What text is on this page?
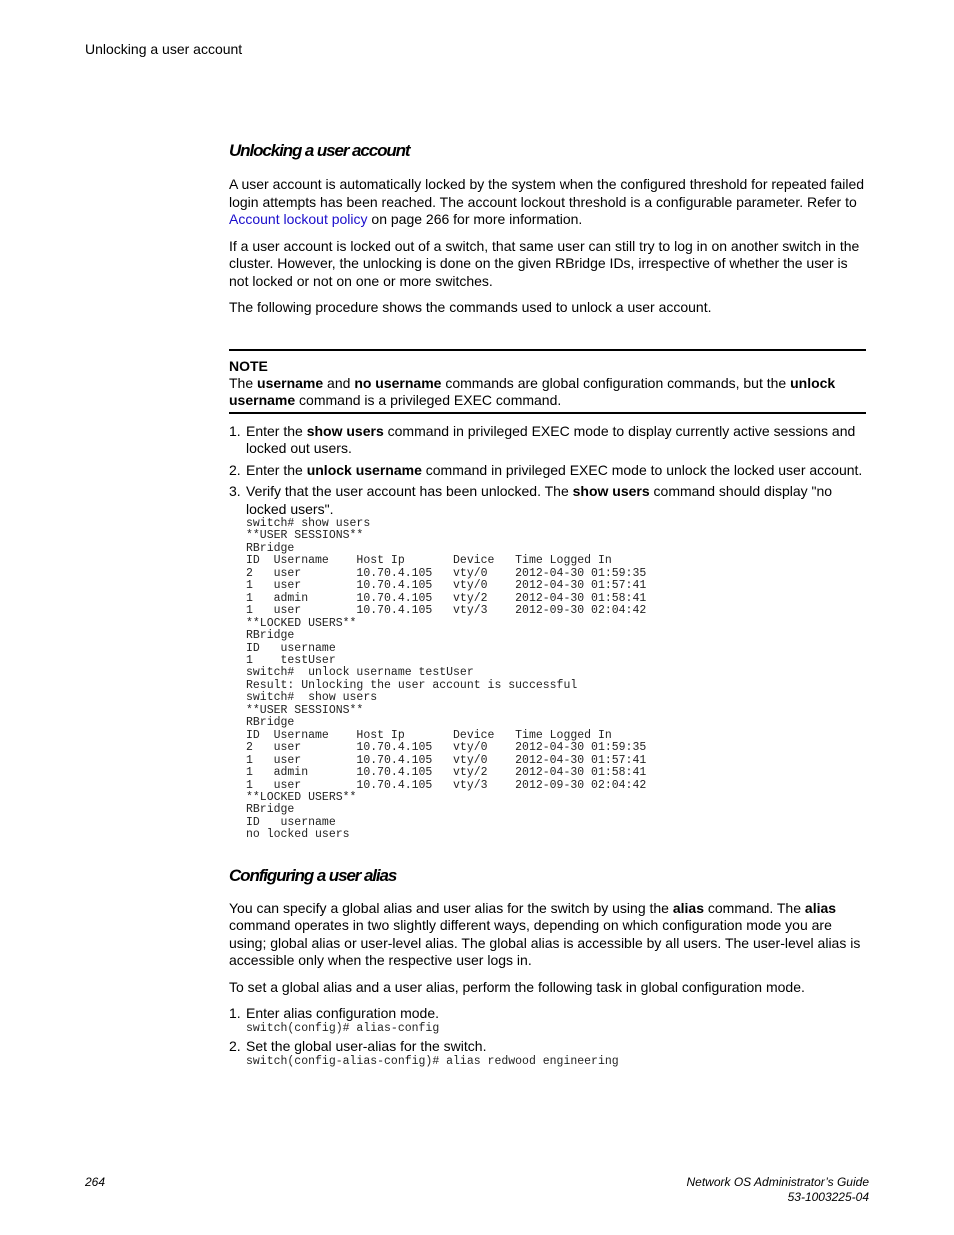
Unlocking a user account
Unlocking a user account

A user account is automatically locked by the system when the configured threshold for repeated failed login attempts has been reached. The account lockout threshold is a configurable parameter. Refer to Account lockout policy on page 266 for more information.

If a user account is locked out of a switch, that same user can still try to log in on another switch in the cluster. However, the unlocking is done on the given RBridge IDs, irrespective of whether the user is not locked or not on one or more switches.

The following procedure shows the commands used to unlock a user account.

NOTE
The username and no username commands are global configuration commands, but the unlock username command is a privileged EXEC command.
1. Enter the show users command in privileged EXEC mode to display currently active sessions and locked out users.
2. Enter the unlock username command in privileged EXEC mode to unlock the locked user account.
3. Verify that the user account has been unlocked. The show users command should display "no locked users".
switch# show users
**USER SESSIONS**
RBridge
ID  Username    Host Ip       Device   Time Logged In
2   user        10.70.4.105   vty/0    2012-04-30 01:59:35
1   user        10.70.4.105   vty/0    2012-04-30 01:57:41
1   admin       10.70.4.105   vty/2    2012-04-30 01:58:41
1   user        10.70.4.105   vty/3    2012-09-30 02:04:42
**LOCKED USERS**
RBridge
ID   username
1    testUser
switch#  unlock username testUser
Result: Unlocking the user account is successful
switch#  show users
**USER SESSIONS**
RBridge
ID  Username    Host Ip       Device   Time Logged In
2   user        10.70.4.105   vty/0    2012-04-30 01:59:35
1   user        10.70.4.105   vty/0    2012-04-30 01:57:41
1   admin       10.70.4.105   vty/2    2012-04-30 01:58:41
1   user        10.70.4.105   vty/3    2012-09-30 02:04:42
**LOCKED USERS**
RBridge
ID   username
no locked users
Configuring a user alias

You can specify a global alias and user alias for the switch by using the alias command. The alias command operates in two slightly different ways, depending on which configuration mode you are using; global alias or user-level alias. The global alias is accessible by all users. The user-level alias is accessible only when the respective user logs in.

To set a global alias and a user alias, perform the following task in global configuration mode.

1. Enter alias configuration mode.
switch(config)# alias-config
2. Set the global user-alias for the switch.
switch(config-alias-config)# alias redwood engineering
264	Network OS Administrator’s Guide
53-1003225-04
